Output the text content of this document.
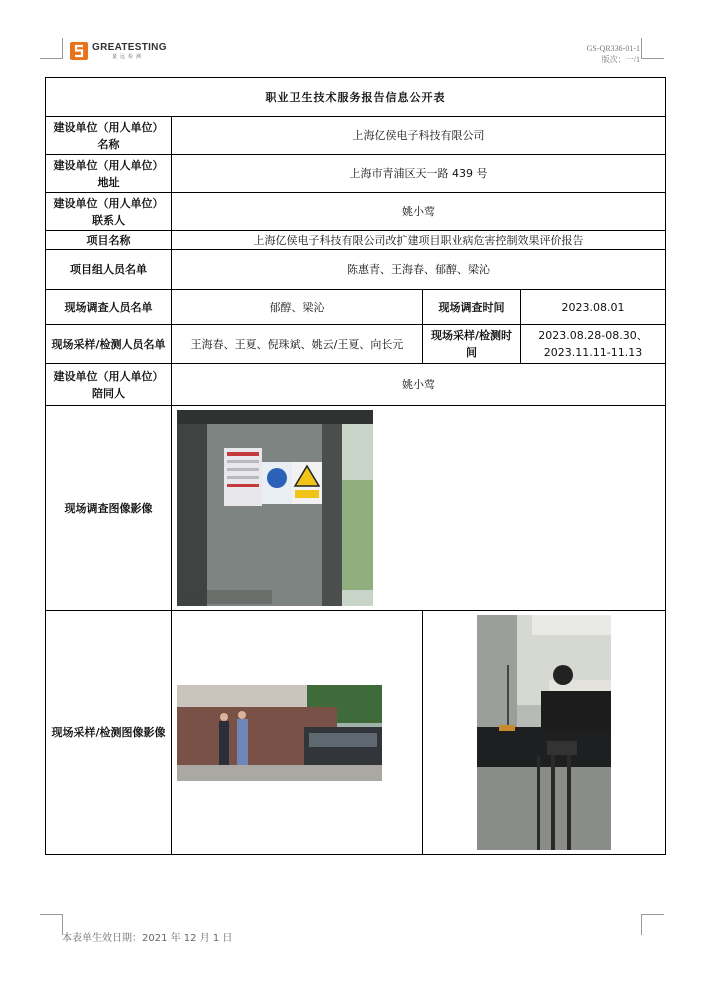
GREATESTING
量远检测
GS-QR336-01-1
版次：一/1
职业卫生技术服务报告信息公开表			
建设单位（用人单位）名称	上海亿侯电子科技有限公司		
建设单位（用人单位）地址	上海市青浦区天一路 439 号		
建设单位（用人单位）联系人	姚小莺		
项目名称	上海亿侯电子科技有限公司改扩建项目职业病危害控制效果评价报告		
项目组人员名单	陈惠青、王海春、郁醇、梁沁		
现场调查人员名单	郁醇、梁沁	现场调查时间	2023.08.01
现场采样/检测人员名单	王海春、王夏、倪珠斌、姚云/王夏、向长元	现场采样/检测时间	2023.08.28-08.30、
2023.11.11-11.13

建设单位（用人单位）陪同人	姚小莺		
现场调查图像影像	

现场采样/检测图像影像	

本表单生效日期：2021 年 12 月 1 日
